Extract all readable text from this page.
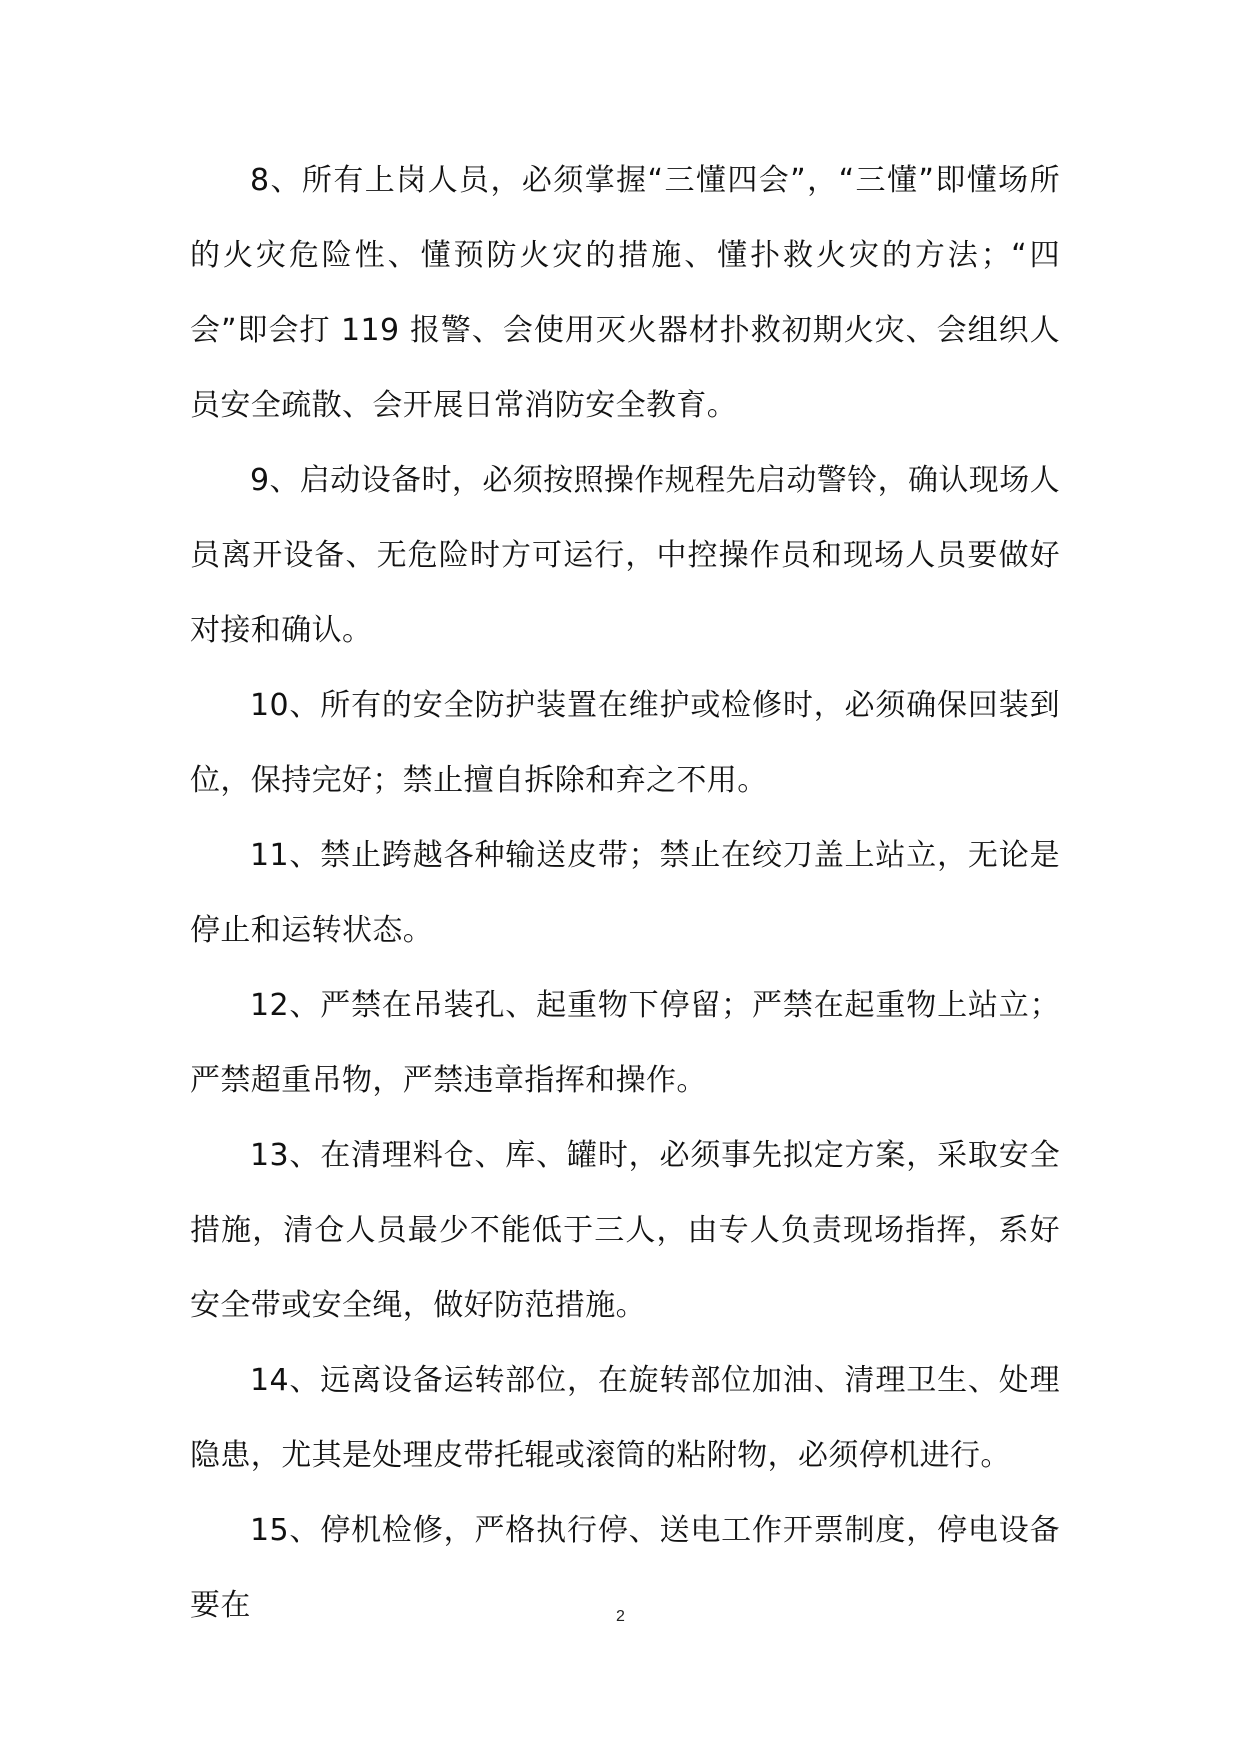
8、所有上岗人员，必须掌握“三懂四会”，“三懂”即懂场所的火灾危险性、懂预防火灾的措施、懂扑救火灾的方法；“四会”即会打 119 报警、会使用灭火器材扑救初期火灾、会组织人员安全疏散、会开展日常消防安全教育。

9、启动设备时，必须按照操作规程先启动警铃，确认现场人员离开设备、无危险时方可运行，中控操作员和现场人员要做好对接和确认。

10、所有的安全防护装置在维护或检修时，必须确保回装到位，保持完好；禁止擅自拆除和弃之不用。

11、禁止跨越各种输送皮带；禁止在绞刀盖上站立，无论是停止和运转状态。

12、严禁在吊装孔、起重物下停留；严禁在起重物上站立；严禁超重吊物，严禁违章指挥和操作。

13、在清理料仓、库、罐时，必须事先拟定方案，采取安全措施，清仓人员最少不能低于三人，由专人负责现场指挥，系好安全带或安全绳，做好防范措施。

14、远离设备运转部位，在旋转部位加油、清理卫生、处理隐患，尤其是处理皮带托辊或滚筒的粘附物，必须停机进行。

15、停机检修，严格执行停、送电工作开票制度，停电设备要在	2
